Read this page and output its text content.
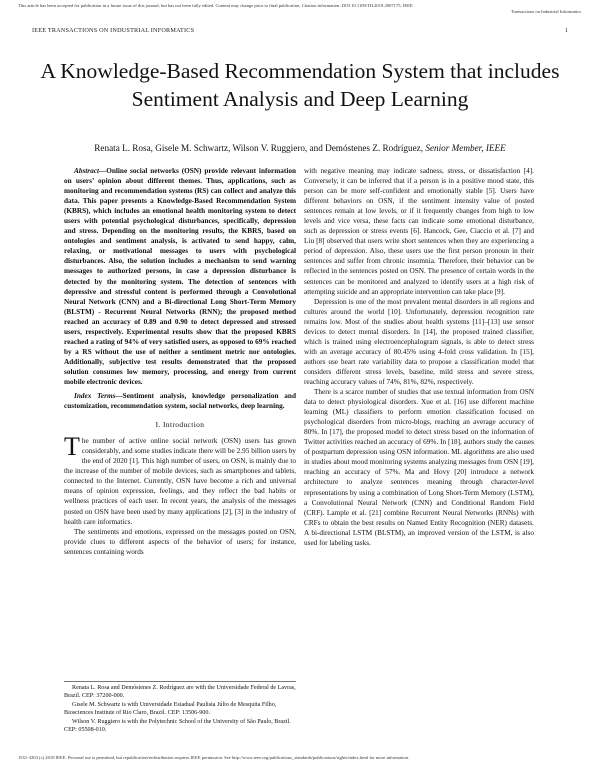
This article has been accepted for publication in a future issue of this journal, but has not been fully edited. Content may change prior to final publication. Citation information: DOI 10.1109/TII.2019.2907175, IEEE
Transactions on Industrial Informatics
IEEE TRANSACTIONS ON INDUSTRIAL INFORMATICS	1
A Knowledge-Based Recommendation System that includes Sentiment Analysis and Deep Learning
Renata L. Rosa, Gisele M. Schwartz, Wilson V. Ruggiero, and Demóstenes Z. Rodríguez, Senior Member, IEEE

Abstract—Online social networks (OSN) provide relevant information on users’ opinion about different themes. Thus, applications, such as monitoring and recommendation systems (RS) can collect and analyze this data. This paper presents a Knowledge-Based Recommendation System (KBRS), which includes an emotional health monitoring system to detect users with potential psychological disturbances, specifically, depression and stress. Depending on the monitoring results, the KBRS, based on ontologies and sentiment analysis, is activated to send happy, calm, relaxing, or motivational messages to users with psychological disturbances. Also, the solution includes a mechanism to send warning messages to authorized persons, in case a depression disturbance is detected by the monitoring system. The detection of sentences with depressive and stressful content is performed through a Convolutional Neural Network (CNN) and a Bi-directional Long Short-Term Memory (BLSTM) - Recurrent Neural Networks (RNN); the proposed method reached an accuracy of 0.89 and 0.90 to detect depressed and stressed users, respectively. Experimental results show that the proposed KBRS reached a rating of 94% of very satisfied users, as opposed to 69% reached by a RS without the use of neither a sentiment metric nor ontologies. Additionally, subjective test results demonstrated that the proposed solution consumes low memory, processing, and energy from current mobile electronic devices.

Index Terms—Sentiment analysis, knowledge personalization and customization, recommendation system, social networks, deep learning.

I. Introduction

The number of active online social network (OSN) users has grown considerably, and some studies indicate there will be 2.95 billion users by the end of 2020 [1]. This high number of users, on OSN, is mainly due to the increase of the number of mobile devices, such as smartphones and tablets, connected to the Internet. Currently, OSN have become a rich and universal means of opinion expression, feelings, and they reflect the bad habits or wellness practices of each user. In recent years, the analysis of the messages posted on OSN have been used by many applications [2], [3] in the industry of health care informatics.

The sentiments and emotions, expressed on the messages posted on OSN, provide clues to different aspects of the behavior of users; for instance, sentences containing words

Renata L. Rosa and Demóstenes Z. Rodríguez are with the Universidade Federal de Lavras, Brazil. CEP: 37200-000.

Gisele M. Schwartz is with Universidade Estadual Paulista Júlio de Mesquita Filho, Biosciences Institute of Rio Claro, Brazil. CEP: 13506-900.

Wilson V. Ruggiero is with the Polytechnic School of the University of São Paulo, Brazil. CEP: 05508-010.

with negative meaning may indicate sadness, stress, or dissatisfaction [4]. Conversely, it can be inferred that if a person is in a positive mood state, this person can be more self-confident and emotionally stable [5]. Users have different behaviors on OSN, if the sentiment intensity value of posted sentences remain at low levels, or if it frequently changes from high to low levels and vice versa, these facts can indicate some emotional disturbance, such as depression or stress events [6]. Hancock, Gee, Ciaccio et al. [7] and Liu [8] observed that users write short sentences when they are experiencing a period of depression. Also, these users use the first person pronoun in their sentences and suffer from chronic insomnia. Therefore, their behavior can be reflected in the sentences posted on OSN. The presence of certain words in the sentences can be monitored and analyzed to identify users at a high risk of attempting suicide and an appropriate intervention can take place [9].

Depression is one of the most prevalent mental disorders in all regions and cultures around the world [10]. Unfortunately, depression recognition rate remains low. Most of the studies about health systems [11]–[13] use sensor devices to detect mental disorders. In [14], the proposed trained classifier, which is trained using electroencephalogram signals, is able to detect stress with an average accuracy of 80.45% using 4-fold cross validation. In [15], authors use heart rate variability data to propose a classification model that considers different stress levels, baseline, mild stress and severe stress, reaching accuracy values of 74%, 81%, 82%, respectively.

There is a scarce number of studies that use textual information from OSN data to detect physiological disorders. Xue et al. [16] use different machine learning (ML) classifiers to perform emotion classification focused on psychological disorders from micro-blogs, reaching an average accuracy of 80%. In [17], the proposed model to detect stress based on the information of Twitter activities reached an accuracy of 69%. In [18], authors study the causes of postpartum depression using OSN information. ML algorithms are also used in studies about mood monitoring systems analyzing messages from OSN [19], reaching an accuracy of 57%. Ma and Hovy [20] introduce a network architecture to analyze sentences meaning through character-level representations by using a combination of Long Short-Term Memory (LSTM), a Convolutional Neural Network (CNN) and Conditional Random Field (CRF). Lample et al. [21] combine Recurrent Neural Networks (RNNs) with CRFs to obtain the best results on Named Entity Recognition (NER) datasets. A bi-directional LSTM (BLSTM), an improved version of the LSTM, is also used for labeling tasks.

1551-3203 (c) 2018 IEEE. Personal use is permitted, but republication/redistribution requires IEEE permission. See http://www.ieee.org/publications_standards/publications/rights/index.html for more information.
